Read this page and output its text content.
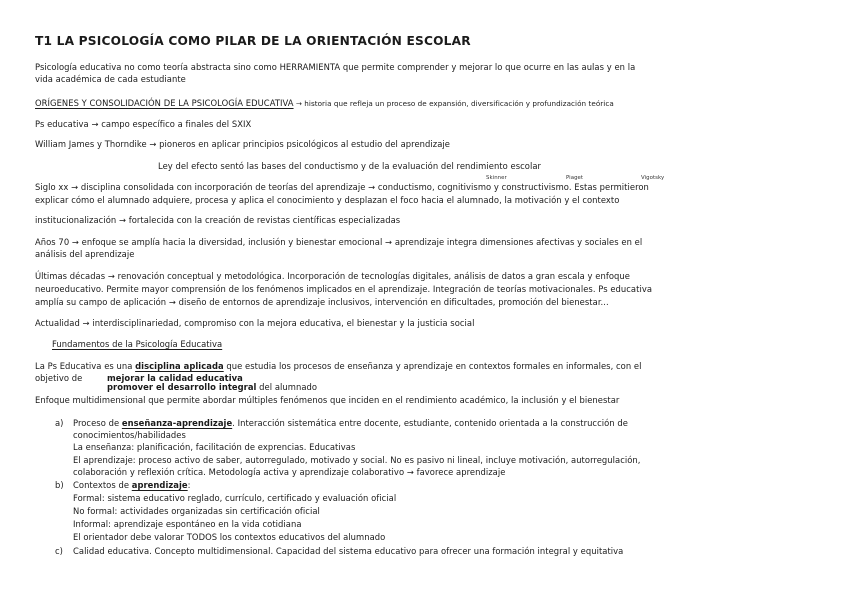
T1 LA PSICOLOGÍA COMO PILAR DE LA ORIENTACIÓN ESCOLAR
Psicología educativa no como teoría abstracta sino como HERRAMIENTA que permite comprender y mejorar lo que ocurre en las aulas y en la
vida académica de cada estudiante
ORÍGENES Y CONSOLIDACIÓN DE LA PSICOLOGÍA EDUCATIVA → historia que refleja un proceso de expansión, diversificación y profundización teórica
Ps educativa → campo específico a finales del SXIX
William James y Thorndike → pioneros en aplicar principios psicológicos al estudio del aprendizaje
Ley del efecto sentó las bases del conductismo y de la evaluación del rendimiento escolar
Skinner	Piaget	Vigotsky
Siglo xx → disciplina consolidada con incorporación de teorías del aprendizaje → conductismo, cognitivismo y constructivismo. Estas permitieron
explicar cómo el alumnado adquiere, procesa y aplica el conocimiento y desplazan el foco hacia el alumnado, la motivación y el contexto
institucionalización → fortalecida con la creación de revistas científicas especializadas
Años 70 → enfoque se amplía hacia la diversidad, inclusión y bienestar emocional → aprendizaje integra dimensiones afectivas y sociales en el
análisis del aprendizaje
Últimas décadas → renovación conceptual y metodológica. Incorporación de tecnologías digitales, análisis de datos a gran escala y enfoque
neuroeducativo. Permite mayor comprensión de los fenómenos implicados en el aprendizaje. Integración de teorías motivacionales. Ps educativa
amplía su campo de aplicación → diseño de entornos de aprendizaje inclusivos, intervención en dificultades, promoción del bienestar...
Actualidad → interdisciplinariedad, compromiso con la mejora educativa, el bienestar y la justicia social
Fundamentos de la Psicología Educativa
La Ps Educativa es una disciplina aplicada que estudia los procesos de enseñanza y aprendizaje en contextos formales en informales, con el
objetivo de	mejorar la calidad educativa
promover el desarrollo integral del alumnado
Enfoque multidimensional que permite abordar múltiples fenómenos que inciden en el rendimiento académico, la inclusión y el bienestar
a) Proceso de enseñanza-aprendizaje. Interacción sistemática entre docente, estudiante, contenido orientada a la construcción de
conocimientos/habilidades
La enseñanza: planificación, facilitación de exprencias. Educativas
El aprendizaje: proceso activo de saber, autorregulado, motivado y social. No es pasivo ni lineal, incluye motivación, autorregulación,
colaboración y reflexión crítica. Metodología activa y aprendizaje colaborativo → favorece aprendizaje
b) Contextos de aprendizaje:
Formal: sistema educativo reglado, currículo, certificado y evaluación oficial
No formal: actividades organizadas sin certificación oficial
Informal: aprendizaje espontáneo en la vida cotidiana
El orientador debe valorar TODOS los contextos educativos del alumnado
c) Calidad educativa. Concepto multidimensional. Capacidad del sistema educativo para ofrecer una formación integral y equitativa
